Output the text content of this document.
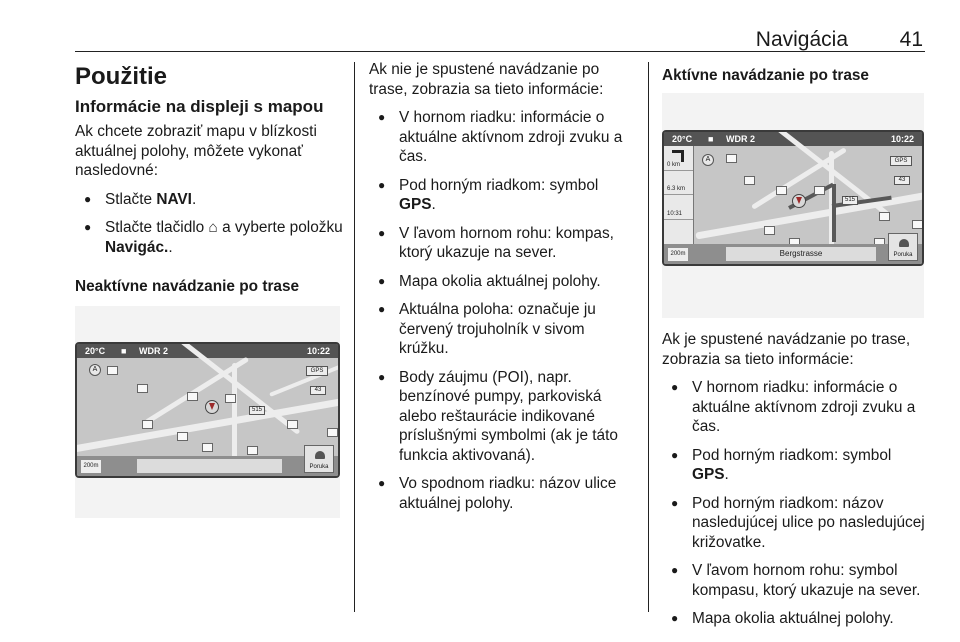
Navigácia 41
Použitie
Informácie na displeji s mapou

Ak chcete zobraziť mapu v blízkosti aktuálnej polohy, môžete vykonať nasledovné:

● Stlačte NAVI.
● Stlačte tlačidlo ⌂ a vyberte položku Navigác..
Neaktívne navádzanie po trase
20°C ■ WDR 2	10:22
A	GPS
43
515
200m	Poruka

Ak nie je spustené navádzanie po trase, zobrazia sa tieto informácie:

● V hornom riadku: informácie o aktuálne aktívnom zdroji zvuku a čas.
● Pod horným riadkom: symbol
GPS.
● V ľavom hornom rohu: kompas, ktorý ukazuje na sever.
● Mapa okolia aktuálnej polohy.
● Aktuálna poloha: označuje ju červený trojuholník v sivom krúžku.
● Body záujmu (POI), napr. benzínové pumpy, parkoviská alebo reštaurácie indikované príslušnými symbolmi (ak je táto funkcia aktivovaná).
● Vo spodnom riadku: názov ulice aktuálnej polohy.
Aktívne navádzanie po trase
20°C ■ WDR 2	10:22
A	GPS
43
515
0 km
6.3 km
10:31
200m	Bergstrasse	Poruka

Ak je spustené navádzanie po trase, zobrazia sa tieto informácie:

● V hornom riadku: informácie o aktuálne aktívnom zdroji zvuku a čas.
● Pod horným riadkom: symbol
GPS.
● Pod horným riadkom: názov nasledujúcej ulice po nasledujúcej križovatke.
● V ľavom hornom rohu: symbol kompasu, ktorý ukazuje na sever.
● Mapa okolia aktuálnej polohy.
